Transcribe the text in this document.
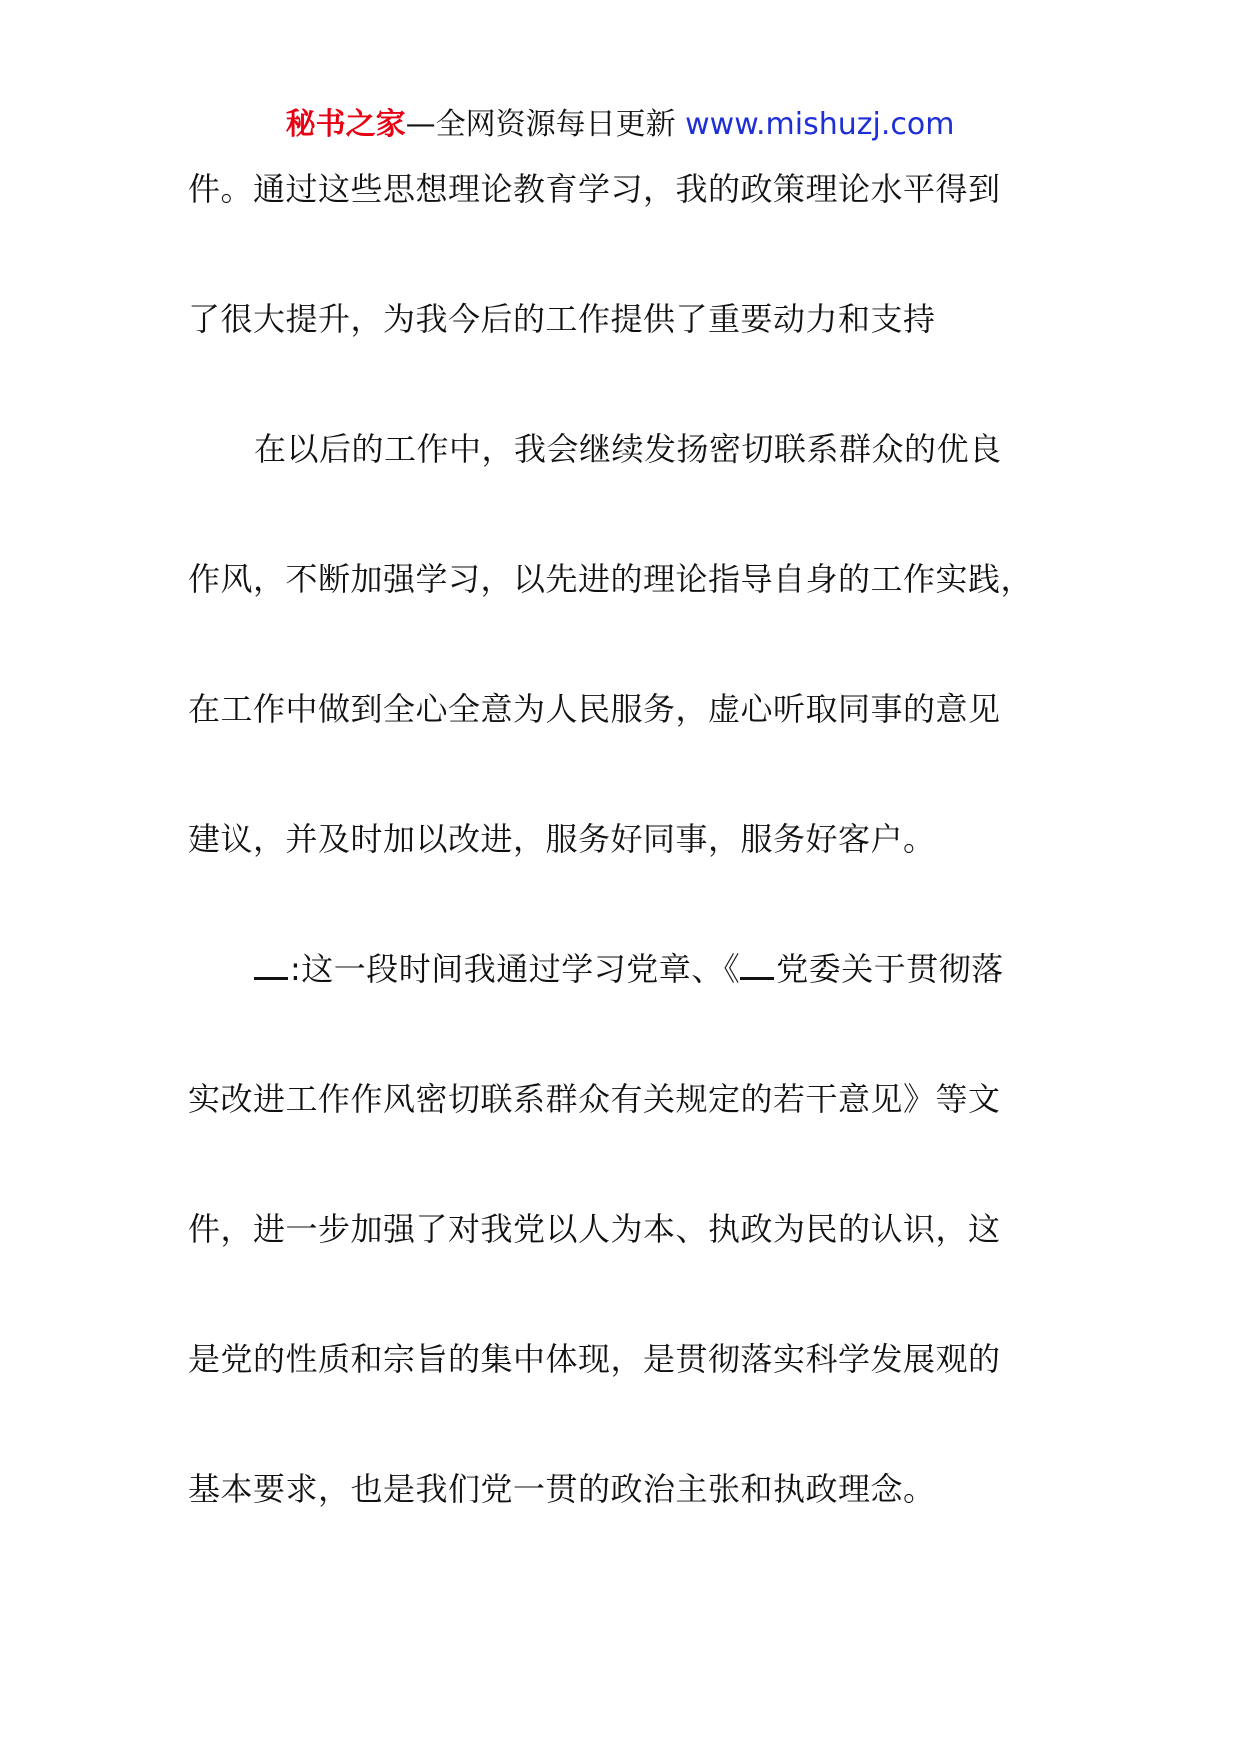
秘书之家—全网资源每日更新 www.mishuzj.com
件。通过这些思想理论教育学习，我的政策理论水平得到
了很大提升，为我今后的工作提供了重要动力和支持
在以后的工作中，我会继续发扬密切联系群众的优良
作风，不断加强学习，以先进的理论指导自身的工作实践，
在工作中做到全心全意为人民服务，虚心听取同事的意见
建议，并及时加以改进，服务好同事，服务好客户。
:这一段时间我通过学习党章、《 党委关于贯彻落
实改进工作作风密切联系群众有关规定的若干意见》等文
件，进一步加强了对我党以人为本、执政为民的认识，这
是党的性质和宗旨的集中体现，是贯彻落实科学发展观的
基本要求，也是我们党一贯的政治主张和执政理念。
